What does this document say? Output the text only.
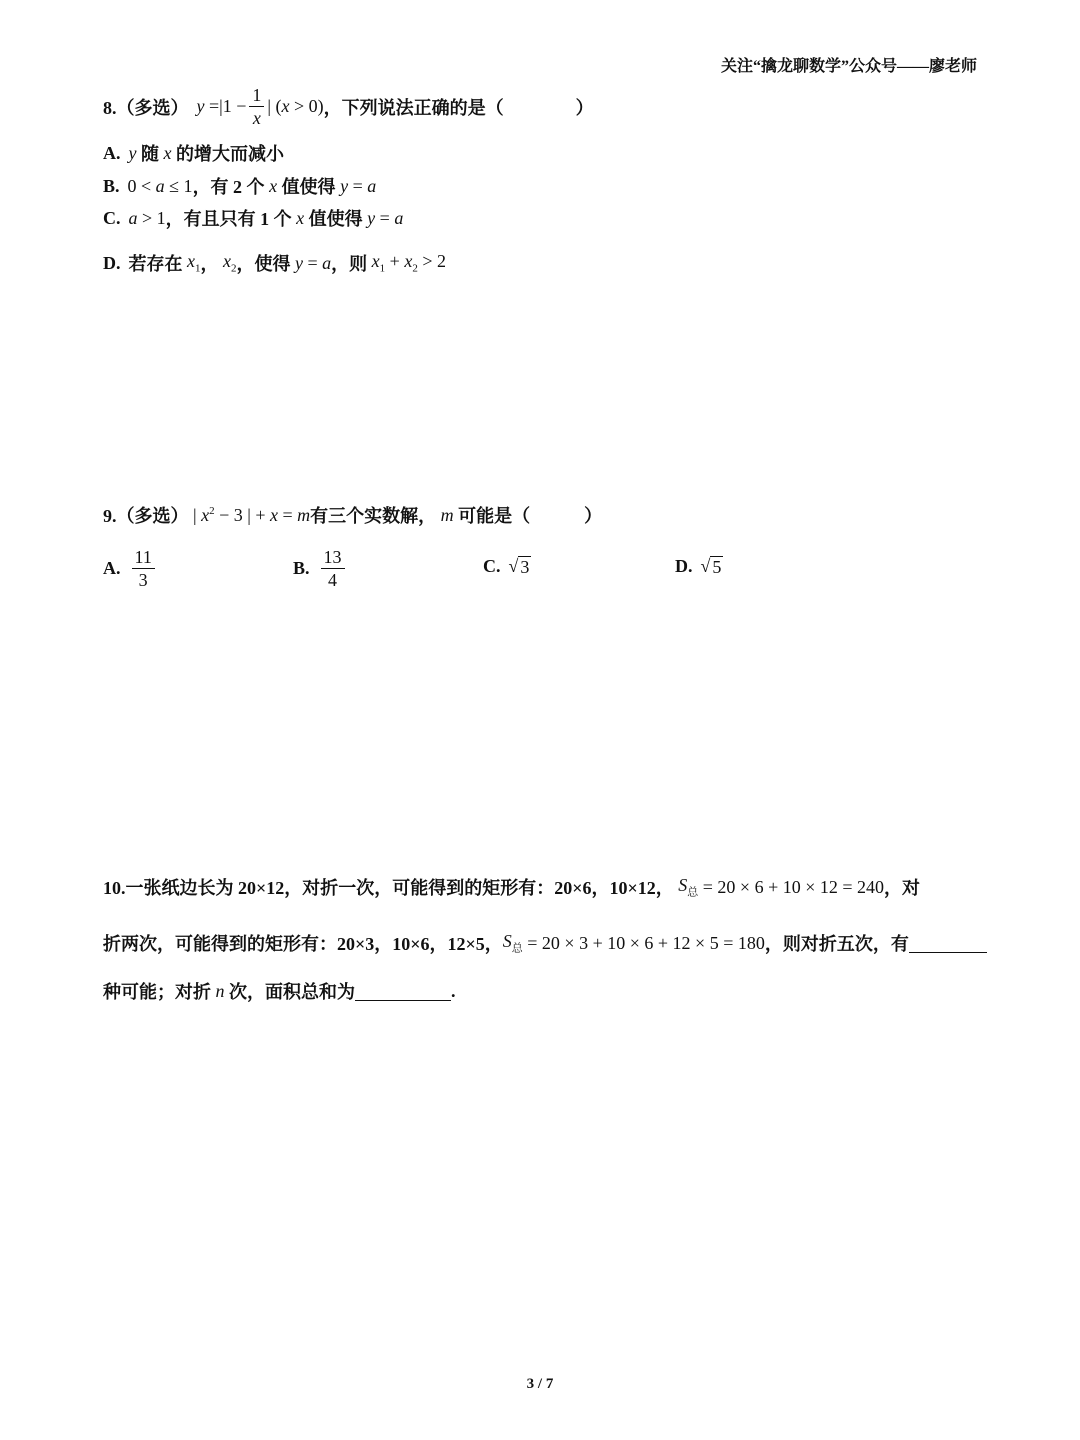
关注“擒龙聊数学”公众号——廖老师
8.（多选） $y =|1 - \frac{1}{x}$ | (x > 0) ，下列说法正确的是（　　　　）
A. y
随
x
的增大而减小
B. 0 < a ≤ 1 ，有 2 个
x
值使得
y = a
C. a > 1 ，有且只有 1 个
x
值使得
y = a
D. 若存在 $x_1$ ， $x_2$ ，使得 y = a ，则 $x_1 + x_2 > 2$
9.（多选） | $x^2 - 3$ | + x = m 有三个实数解， m 可能是（　　　）
A. $\frac{11}{3}$	B. $\frac{13}{4}$	C. √ 3	D. √ 5
10.一张纸边长为 20×12，对折一次，可能得到的矩形有：20×6，10×12， $S_总 = 20 \times 6 + 10 \times 12 = 240$ ，对
折两次，可能得到的矩形有：20×3，10×6，12×5， $S_总 = 20 \times 3 + 10 \times 6 + 12 \times 5 = 180$ ，则对折五次，有
种可能；对折 n 次，面积总和为	.
3 / 7
